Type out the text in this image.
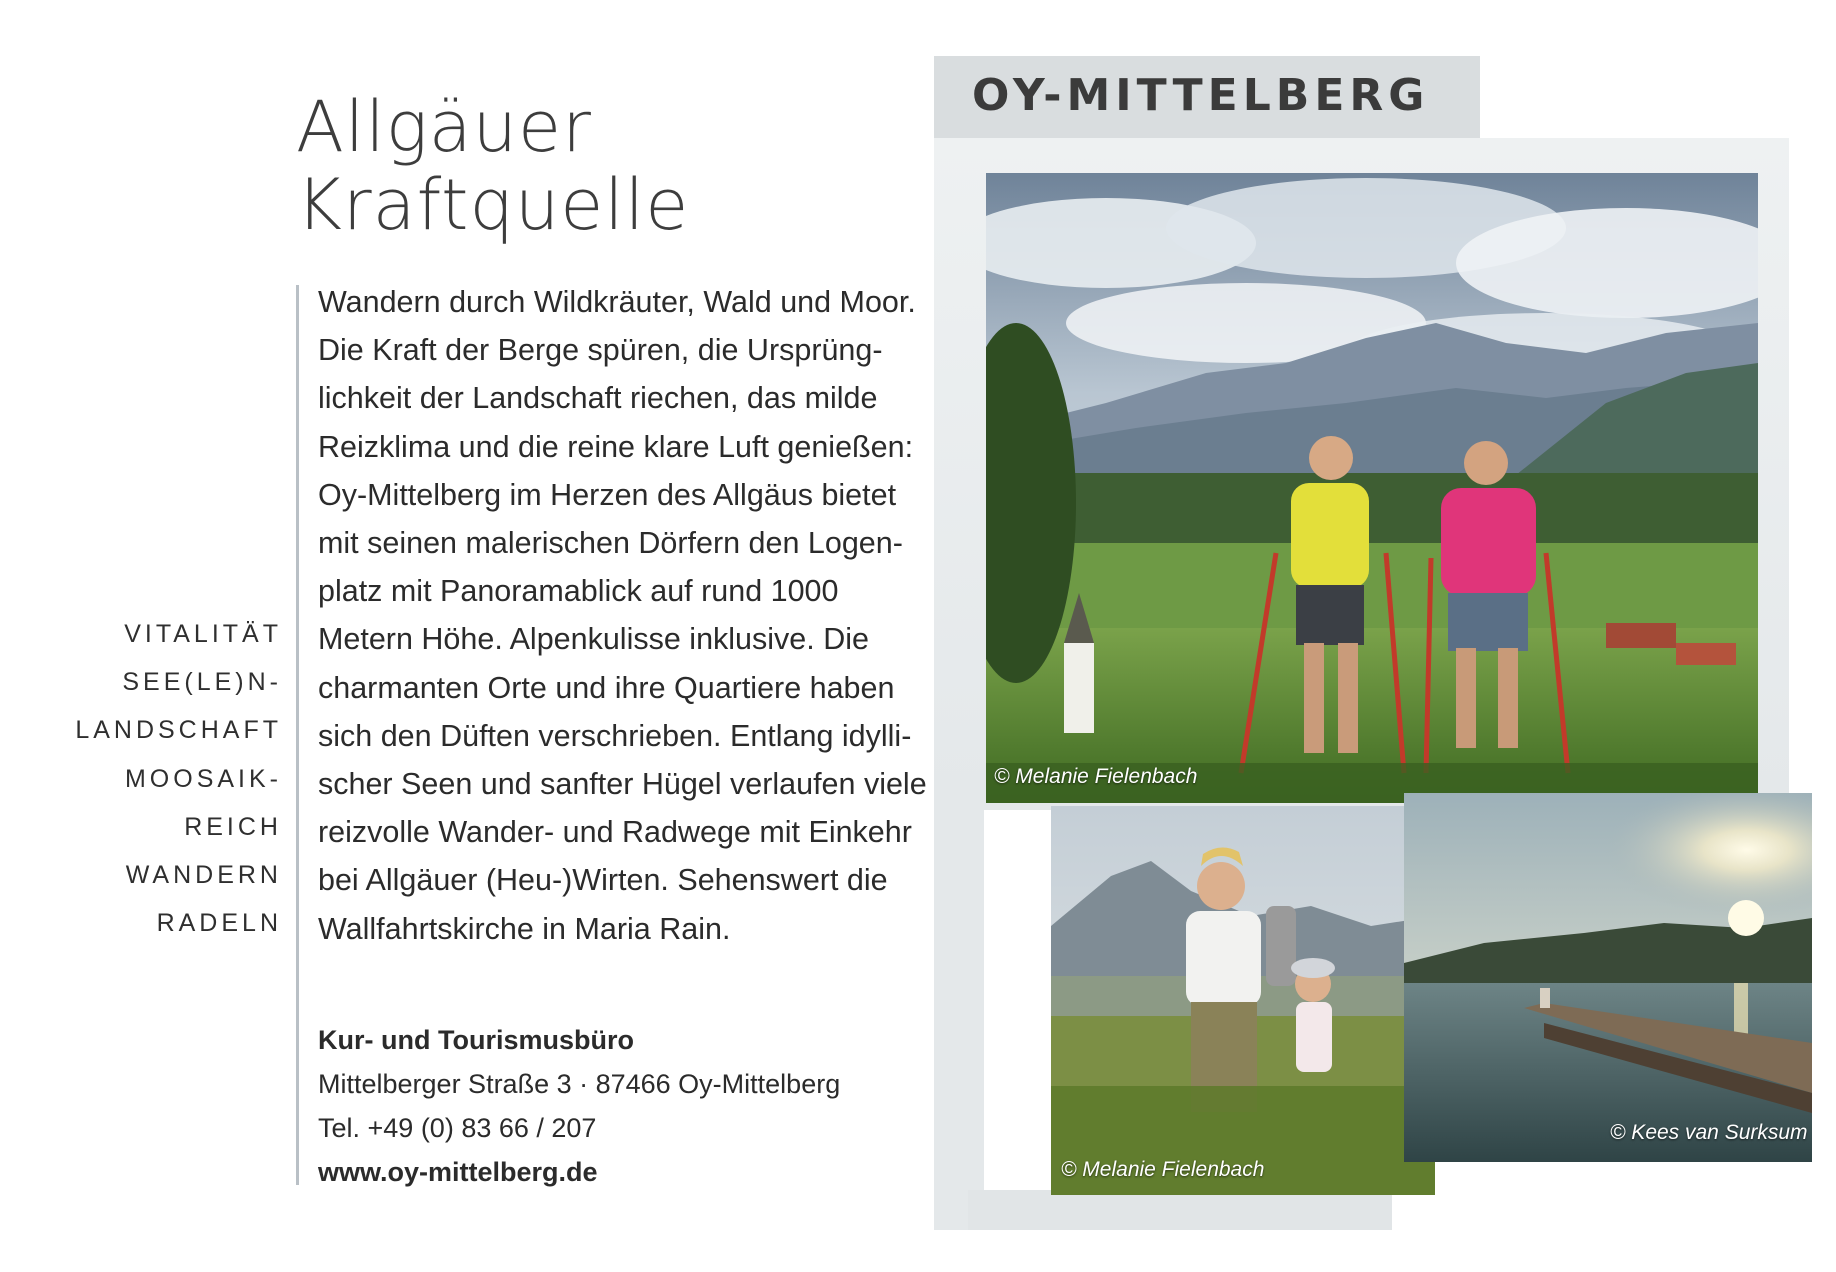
Allgäuer
Kraftquelle
Wandern durch Wildkräuter, Wald und Moor.
Die Kraft der Berge spüren, die Ursprüng-
lichkeit der Landschaft riechen, das milde
Reizklima und die reine klare Luft genießen:
Oy-Mittelberg im Herzen des Allgäus bietet
mit seinen malerischen Dörfern den Logen-
platz mit Panoramablick auf rund 1000
Metern Höhe. Alpenkulisse inklusive. Die
charmanten Orte und ihre Quartiere haben
sich den Düften verschrieben. Entlang idylli-
scher Seen und sanfter Hügel verlaufen viele
reizvolle Wander- und Radwege mit Einkehr
bei Allgäuer (Heu-)Wirten. Sehenswert die
Wallfahrtskirche in Maria Rain.
VITALITÄT
SEE(LE)N-
LANDSCHAFT
MOOSAIK-
REICH
WANDERN
RADELN
Kur- und Tourismusbüro
Mittelberger Straße 3 · 87466 Oy-Mittelberg
Tel. +49 (0) 83 66 / 207
www.oy-mittelberg.de
OY-MITTELBERG
© Melanie Fielenbach
© Melanie Fielenbach
© Kees van Surksum
